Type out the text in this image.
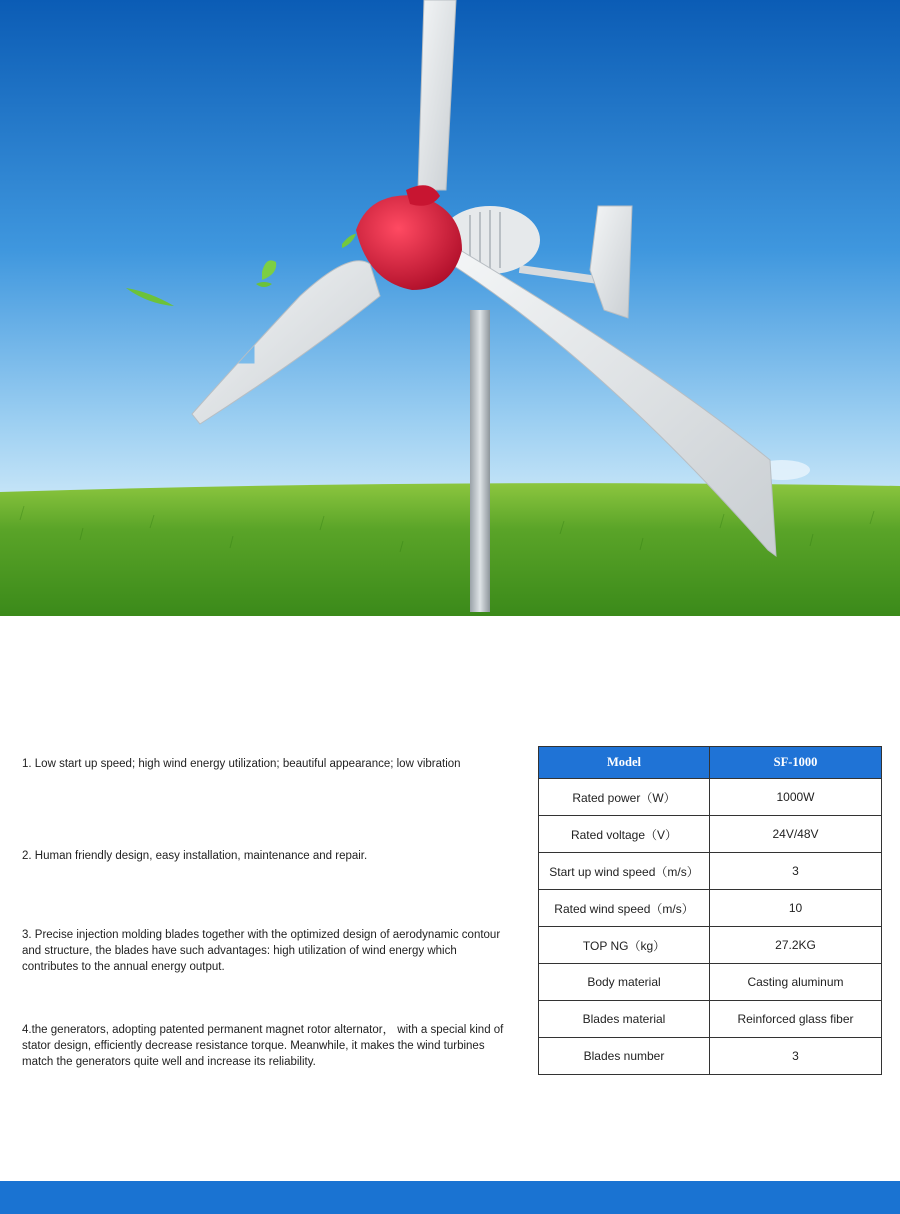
1. Low start up speed; high wind energy utilization; beautiful appearance; low vibration

2. Human friendly design, easy installation, maintenance and repair.

3. Precise injection molding blades together with the optimized design of aerodynamic contour and structure, the blades have such advantages: high utilization of wind energy which contributes to the annual energy output.

4.the generators, adopting patented permanent magnet rotor alternator， with a special kind of stator design, efficiently decrease resistance torque. Meanwhile, it makes the wind turbines match the generators quite well and increase its reliability.

Model	SF-1000
Rated power（W）	1000W
Rated voltage（V）	24V/48V
Start up wind speed（m/s）	3
Rated wind speed（m/s）	10
TOP NG（kg）	27.2KG
Body material	Casting aluminum
Blades material	Reinforced glass fiber
Blades number	3
